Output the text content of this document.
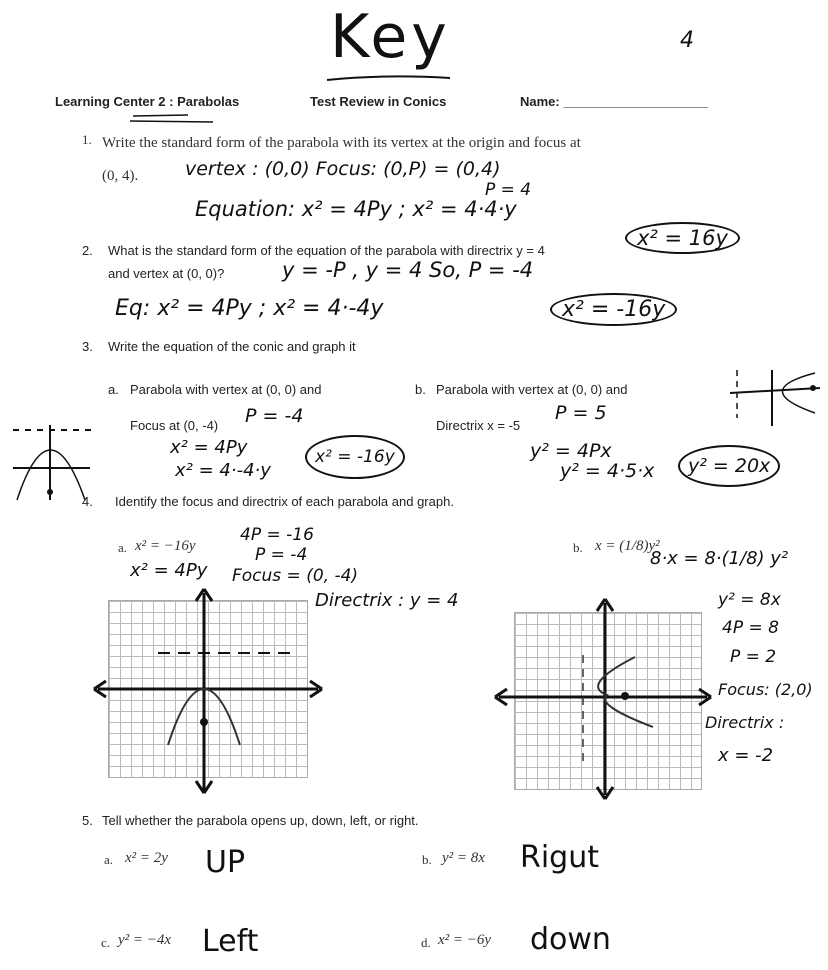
Key	4
Learning Center 2 : Parabolas	Test Review in Conics	Name: ____________________
1. Write the standard form of the parabola with its vertex at the origin and focus at
(0, 4). vertex : (0,0) Focus: (0,P) = (0,4)
P = 4
Equation: x² = 4Py ; x² = 4·4·y
x² = 16y
2. What is the standard form of the equation of the parabola with directrix y = 4
and vertex at (0, 0)?	y = -P , y = 4 So, P = -4
Eq: x² = 4Py ; x² = 4·-4y	x² = -16y
3. Write the equation of the conic and graph it
a. Parabola with vertex at (0, 0) and
Focus at (0, -4) P = -4
x² = 4Py
x² = 4·-4·y
x² = -16y
b. Parabola with vertex at (0, 0) and
Directrix x = -5
P = 5
y² = 4Px
y² = 4·5·x	y² = 20x
4. Identify the focus and directrix of each parabola and graph.
a. x² = −16y
x² = 4Py
4P = -16
P = -4
Focus = (0, -4)
Directrix : y = 4
b. x = (1/8)y²
8·x = 8·(1/8) y²
y² = 8x
4P = 8
P = 2
Focus: (2,0)
Directrix :
x = -2
5. Tell whether the parabola opens up, down, left, or right.
a. x² = 2y UP	b. y² = 8x Rigut
c. y² = −4x Left	d. x² = −6y down
